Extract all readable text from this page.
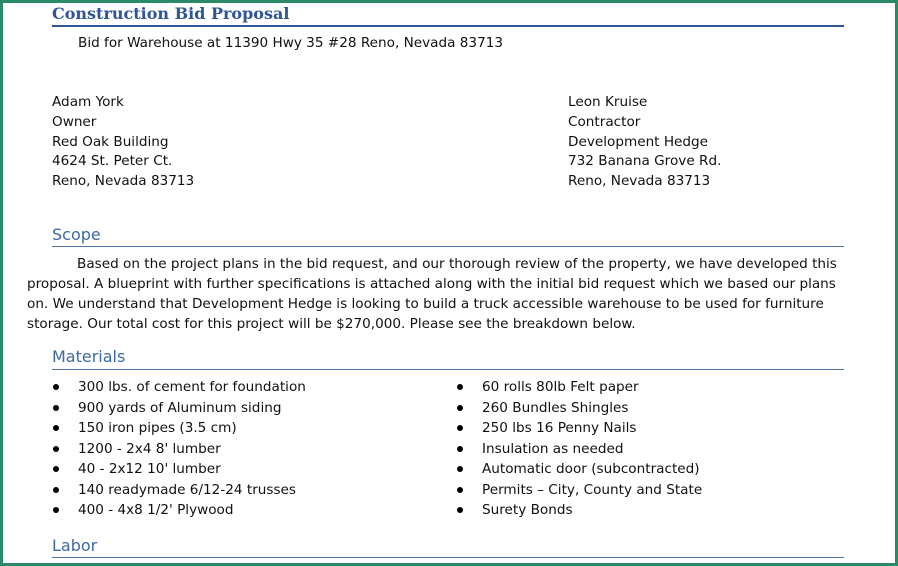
Construction Bid Proposal
Bid for Warehouse at 11390 Hwy 35 #28 Reno, Nevada 83713
Adam York
Owner
Red Oak Building
4624 St. Peter Ct.
Reno, Nevada 83713
Leon Kruise
Contractor
Development Hedge
732 Banana Grove Rd.
Reno, Nevada 83713
Scope
Based on the project plans in the bid request, and our thorough review of the property, we have developed this
proposal. A blueprint with further specifications is attached along with the initial bid request which we based our plans
on. We understand that Development Hedge is looking to build a truck accessible warehouse to be used for furniture
storage. Our total cost for this project will be $270,000. Please see the breakdown below.
Materials
300 lbs. of cement for foundation
900 yards of Aluminum siding
150 iron pipes (3.5 cm)
1200 - 2x4 8' lumber
40 - 2x12 10' lumber
140 readymade 6/12-24 trusses
400 - 4x8 1/2' Plywood
60 rolls 80lb Felt paper
260 Bundles Shingles
250 lbs 16 Penny Nails
Insulation as needed
Automatic door (subcontracted)
Permits – City, County and State
Surety Bonds
Labor
